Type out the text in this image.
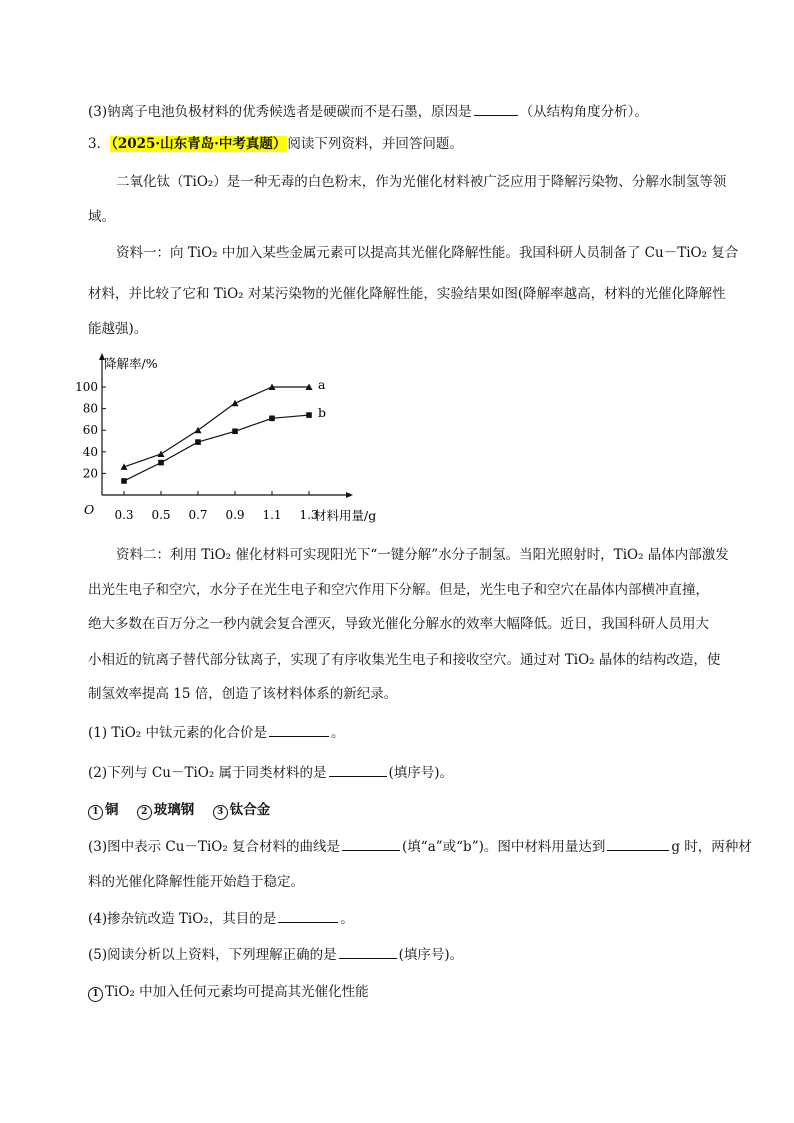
(3)钠离子电池负极材料的优秀候选者是硬碳而不是石墨，原因是	（从结构角度分析）。
3．（2025·山东青岛·中考真题）阅读下列资料，并回答问题。
二氧化钛（TiO₂）是一种无毒的白色粉末，作为光催化材料被广泛应用于降解污染物、分解水制氢等领
域。
资料一：向 TiO₂ 中加入某些金属元素可以提高其光催化降解性能。我国科研人员制备了 Cu－TiO₂ 复合
材料，并比较了它和 TiO₂ 对某污染物的光催化降解性能，实验结果如图(降解率越高，材料的光催化降解性
能越强)。
降解率/%
材料用量/g
O
20
40
60
80
100
0.3 0.5 0.7 0.9 1.1 1.3
a
b
资料二：利用 TiO₂ 催化材料可实现阳光下“一键分解”水分子制氢。当阳光照射时，TiO₂ 晶体内部激发
出光生电子和空穴，水分子在光生电子和空穴作用下分解。但是，光生电子和空穴在晶体内部横冲直撞，
绝大多数在百万分之一秒内就会复合湮灭，导致光催化分解水的效率大幅降低。近日，我国科研人员用大
小相近的钪离子替代部分钛离子，实现了有序收集光生电子和接收空穴。通过对 TiO₂ 晶体的结构改造，使
制氢效率提高 15 倍，创造了该材料体系的新纪录。
(1) TiO₂ 中钛元素的化合价是	。
(2)下列与 Cu－TiO₂ 属于同类材料的是	(填序号)。
1 铜	2 玻璃钢	3 钛合金
(3)图中表示 Cu－TiO₂ 复合材料的曲线是	(填“a”或“b”)。图中材料用量达到	g 时，两种材
料的光催化降解性能开始趋于稳定。
(4)掺杂钪改造 TiO₂，其目的是	。
(5)阅读分析以上资料，下列理解正确的是	(填序号)。
1 TiO₂ 中加入任何元素均可提高其光催化性能
